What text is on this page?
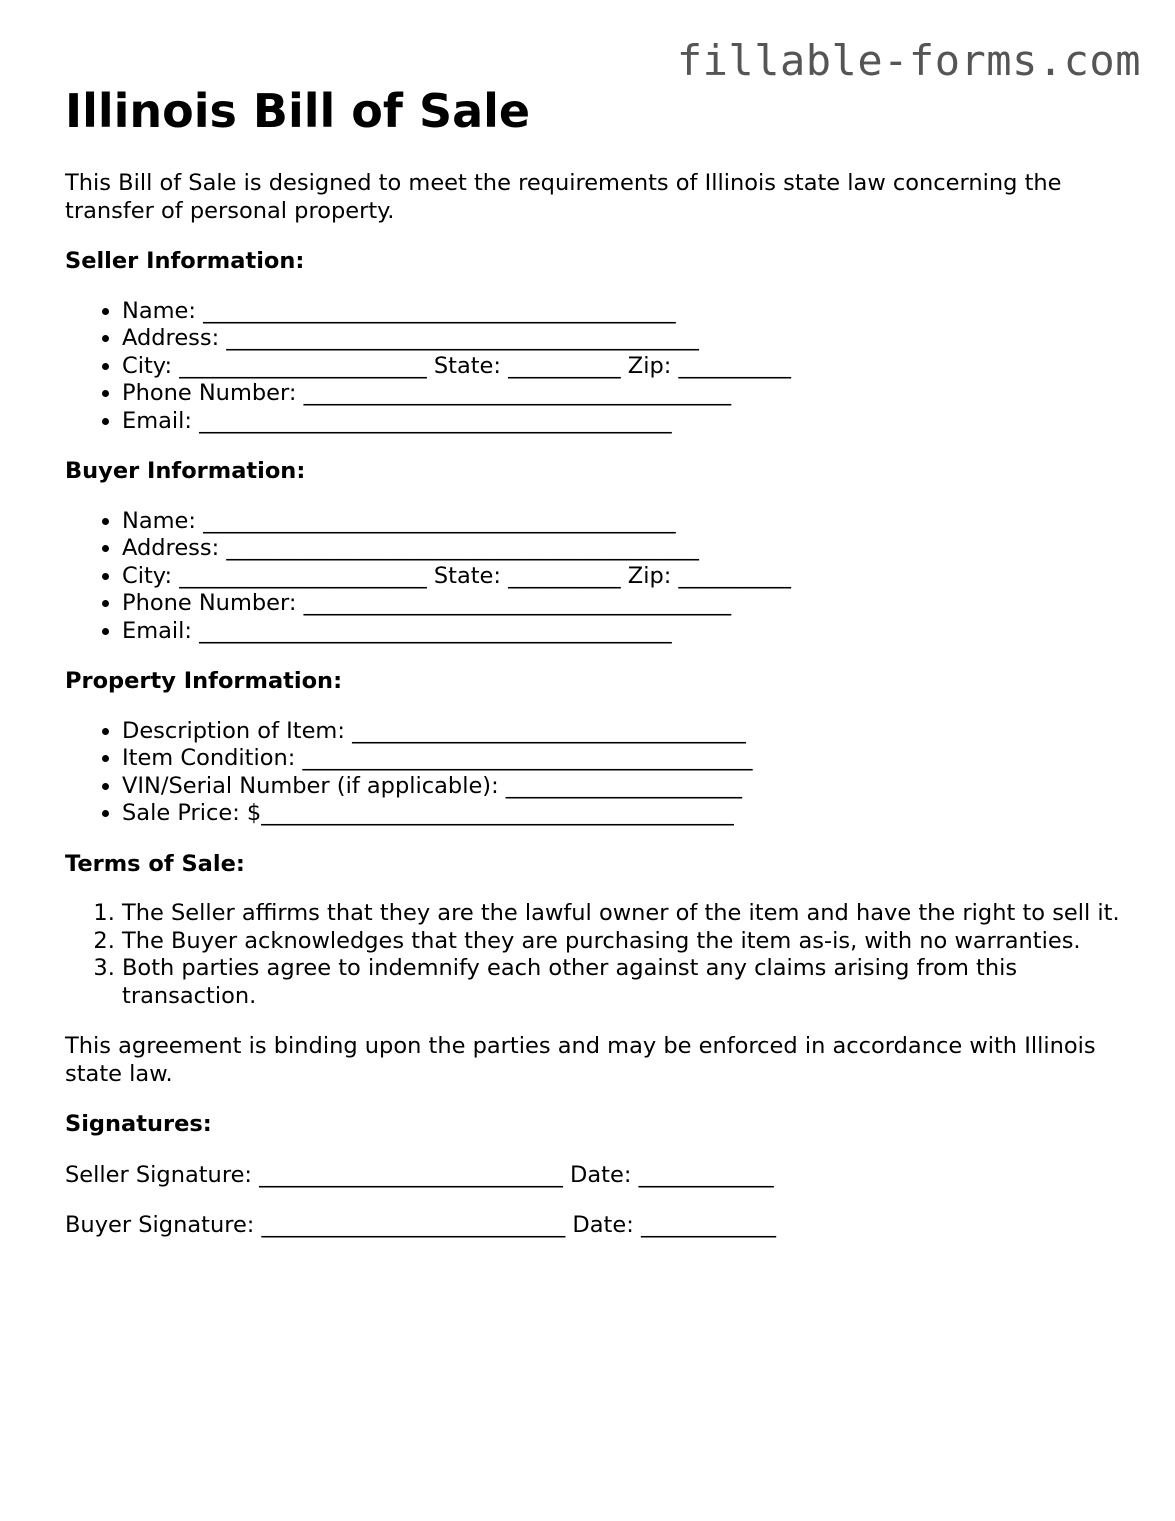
fillable-forms.com
Illinois Bill of Sale

This Bill of Sale is designed to meet the requirements of Illinois state law concerning the transfer of personal property.

Seller Information:
• Name: __________________________________________
• Address: __________________________________________
• City: ______________________ State: __________ Zip: __________
• Phone Number: ______________________________________
• Email: __________________________________________
Buyer Information:
• Name: __________________________________________
• Address: __________________________________________
• City: ______________________ State: __________ Zip: __________
• Phone Number: ______________________________________
• Email: __________________________________________
Property Information:
• Description of Item: ___________________________________
• Item Condition: ________________________________________
• VIN/Serial Number (if applicable): _____________________
• Sale Price: $__________________________________________
Terms of Sale:
1. The Seller affirms that they are the lawful owner of the item and have the right to sell it.
2. The Buyer acknowledges that they are purchasing the item as-is, with no warranties.
3. Both parties agree to indemnify each other against any claims arising from this transaction.

This agreement is binding upon the parties and may be enforced in accordance with Illinois state law.

Signatures:

Seller Signature: ___________________________ Date: ____________

Buyer Signature: ___________________________ Date: ____________
